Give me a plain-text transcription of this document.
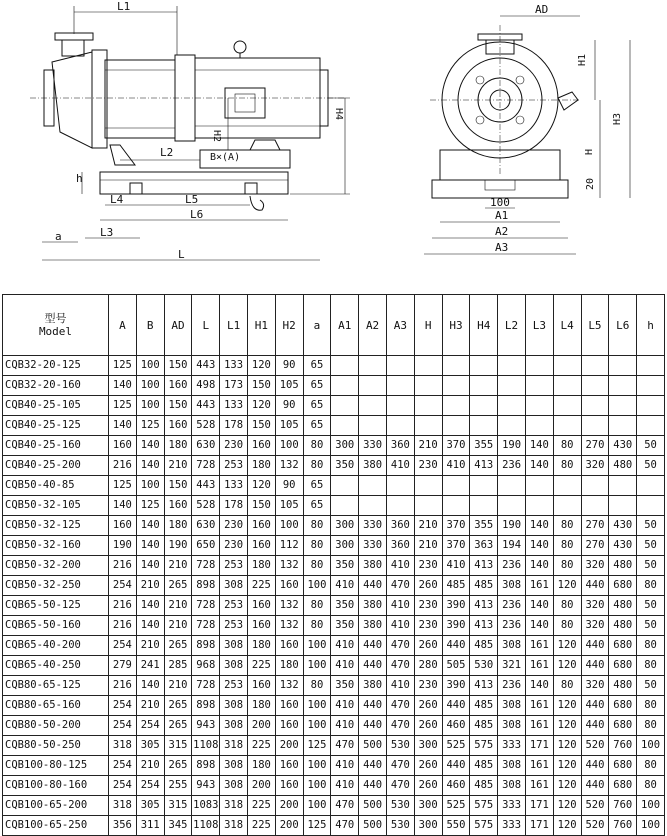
L1
L2
H2
B×(A)
H4
h
L4	L5
L6
L3
a
L
AD
H1
H3
H
20
100
A1
A2
A3
型号
Model	A	B	AD	L	L1	H1	H2	a	A1	A2	A3	H	H3	H4	L2	L3	L4	L5	L6	h
CQB32-20-125	125	100	150	443	133	120	90	65												
CQB32-20-160	140	100	160	498	173	150	105	65												
CQB40-25-105	125	100	150	443	133	120	90	65												
CQB40-25-125	140	125	160	528	178	150	105	65												
CQB40-25-160	160	140	180	630	230	160	100	80	300	330	360	210	370	355	190	140	80	270	430	50
CQB40-25-200	216	140	210	728	253	180	132	80	350	380	410	230	410	413	236	140	80	320	480	50
CQB50-40-85	125	100	150	443	133	120	90	65												
CQB50-32-105	140	125	160	528	178	150	105	65												
CQB50-32-125	160	140	180	630	230	160	100	80	300	330	360	210	370	355	190	140	80	270	430	50
CQB50-32-160	190	140	190	650	230	160	112	80	300	330	360	210	370	363	194	140	80	270	430	50
CQB50-32-200	216	140	210	728	253	180	132	80	350	380	410	230	410	413	236	140	80	320	480	50
CQB50-32-250	254	210	265	898	308	225	160	100	410	440	470	260	485	485	308	161	120	440	680	80
CQB65-50-125	216	140	210	728	253	160	132	80	350	380	410	230	390	413	236	140	80	320	480	50
CQB65-50-160	216	140	210	728	253	160	132	80	350	380	410	230	390	413	236	140	80	320	480	50
CQB65-40-200	254	210	265	898	308	180	160	100	410	440	470	260	440	485	308	161	120	440	680	80
CQB65-40-250	279	241	285	968	308	225	180	100	410	440	470	280	505	530	321	161	120	440	680	80
CQB80-65-125	216	140	210	728	253	160	132	80	350	380	410	230	390	413	236	140	80	320	480	50
CQB80-65-160	254	210	265	898	308	180	160	100	410	440	470	260	440	485	308	161	120	440	680	80
CQB80-50-200	254	254	265	943	308	200	160	100	410	440	470	260	460	485	308	161	120	440	680	80
CQB80-50-250	318	305	315	1108	318	225	200	125	470	500	530	300	525	575	333	171	120	520	760	100
CQB100-80-125	254	210	265	898	308	180	160	100	410	440	470	260	440	485	308	161	120	440	680	80
CQB100-80-160	254	254	255	943	308	200	160	100	410	440	470	260	460	485	308	161	120	440	680	80
CQB100-65-200	318	305	315	1083	318	225	200	100	470	500	530	300	525	575	333	171	120	520	760	100
CQB100-65-250	356	311	345	1108	318	225	200	125	470	500	530	300	550	575	333	171	120	520	760	100
